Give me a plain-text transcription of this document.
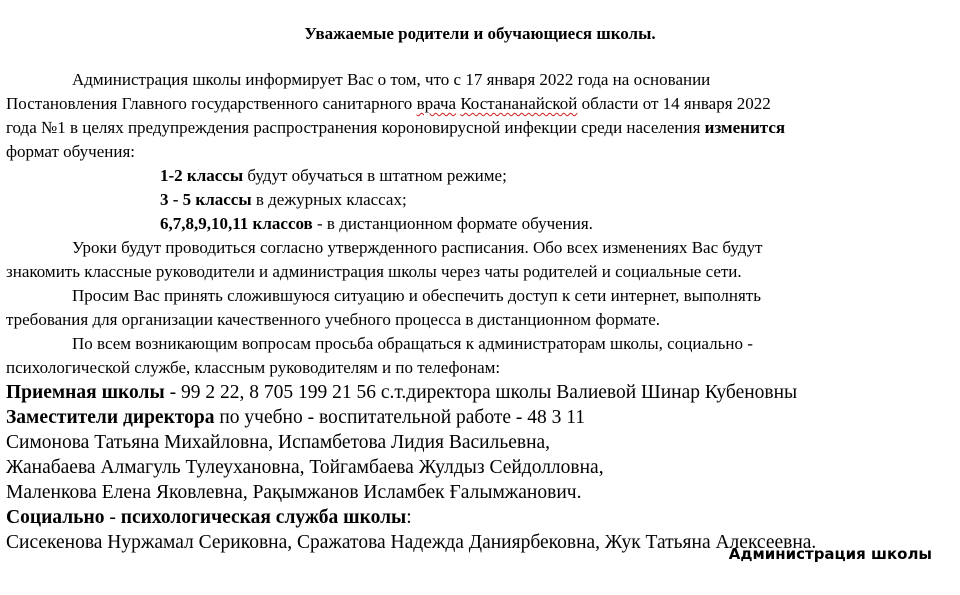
Уважаемые родители и обучающиеся школы.
Администрация школы информирует Вас о том, что с 17 января 2022 года на основании
Постановления Главного государственного санитарного врача Костананайской области от 14 января 2022
года №1 в целях предупреждения распространения короновирусной инфекции среди населения изменится
формат обучения:
1-2 классы будут обучаться в штатном режиме;
3 - 5 классы в дежурных классах;
6,7,8,9,10,11 классов - в дистанционном формате обучения.
Уроки будут проводиться согласно утвержденного расписания. Обо всех изменениях Вас будут
знакомить классные руководители и администрация школы через чаты родителей и социальные сети.
Просим Вас принять сложившуюся ситуацию и обеспечить доступ к сети интернет, выполнять
требования для организации качественного учебного процесса в дистанционном формате.
По всем возникающим вопросам просьба обращаться к администраторам школы, социально -
психологической службе, классным руководителям и по телефонам:
Приемная школы - 99 2 22, 8 705 199 21 56 с.т.директора школы Валиевой Шинар Кубеновны
Заместители директора по учебно - воспитательной работе - 48 3 11
Симонова Татьяна Михайловна, Испамбетова Лидия Васильевна,
Жанабаева Алмагуль Тулеухановна, Тойгамбаева Жулдыз Сейдолловна,
Маленкова Елена Яковлевна, Рақымжанов Исламбек Ғалымжанович.
Социально - психологическая служба школы:
Сисекенова Нуржамал Сериковна, Сражатова Надежда Даниярбековна, Жук Татьяна Алексеевна.
Администрация школы
